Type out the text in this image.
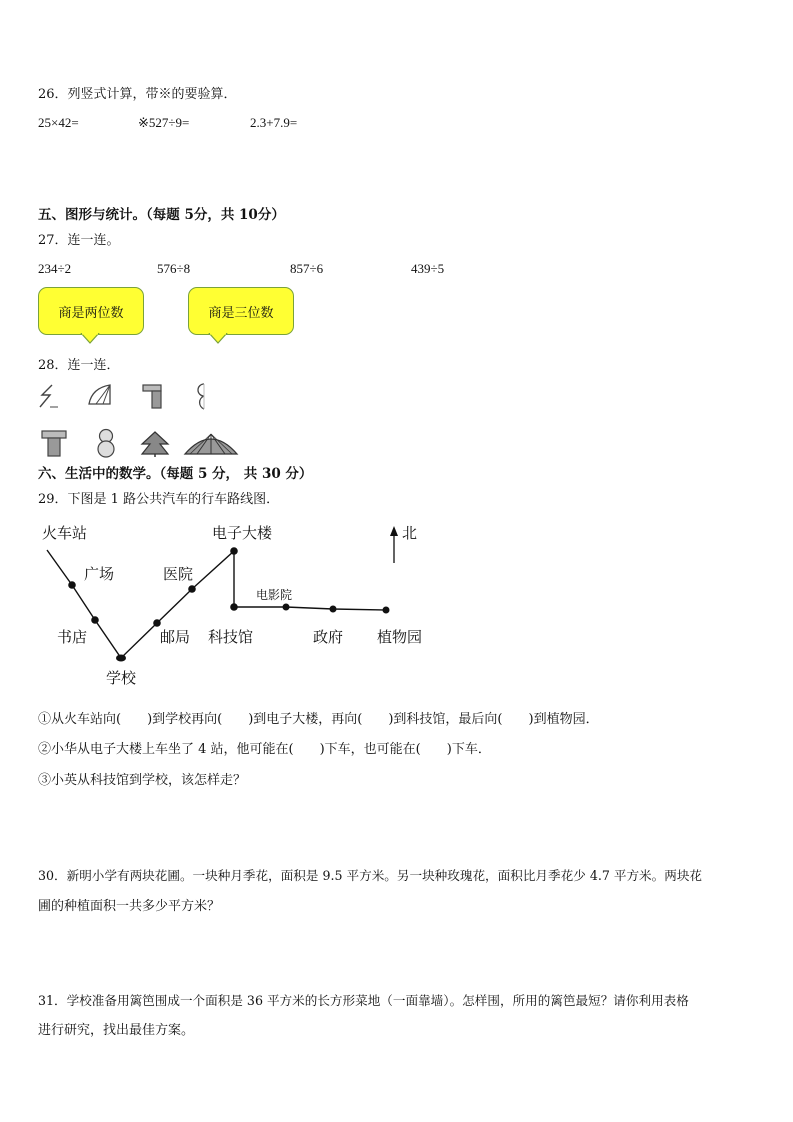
26．列竖式计算，带※的要验算．
25×42=	※527÷9=	2.3+7.9=
五、图形与统计。（每题 5分，共 10分）
27．连一连。
234÷2	576÷8	857÷6	439÷5
商是两位数	商是三位数
28．连一连．
六、生活中的数学。（每题 5 分， 共 30 分）
29．下图是 1 路公共汽车的行车路线图．
火车站
广场
书店
学校
邮局
医院
电子大楼
电影院
科技馆	政府 植物园
北
①从火车站向(　　)到学校再向(　　)到电子大楼，再向(　　)到科技馆，最后向(　　)到植物园．
②小华从电子大楼上车坐了 4 站，他可能在(　　)下车，也可能在(　　)下车．
③小英从科技馆到学校，该怎样走？
30．新明小学有两块花圃。一块种月季花，面积是 9.5 平方米。另一块种玫瑰花，面积比月季花少 4.7 平方米。两块花
圃的种植面积一共多少平方米？
31．学校准备用篱笆围成一个面积是 36 平方米的长方形菜地（一面靠墙）。怎样围，所用的篱笆最短？请你利用表格
进行研究，找出最佳方案。
